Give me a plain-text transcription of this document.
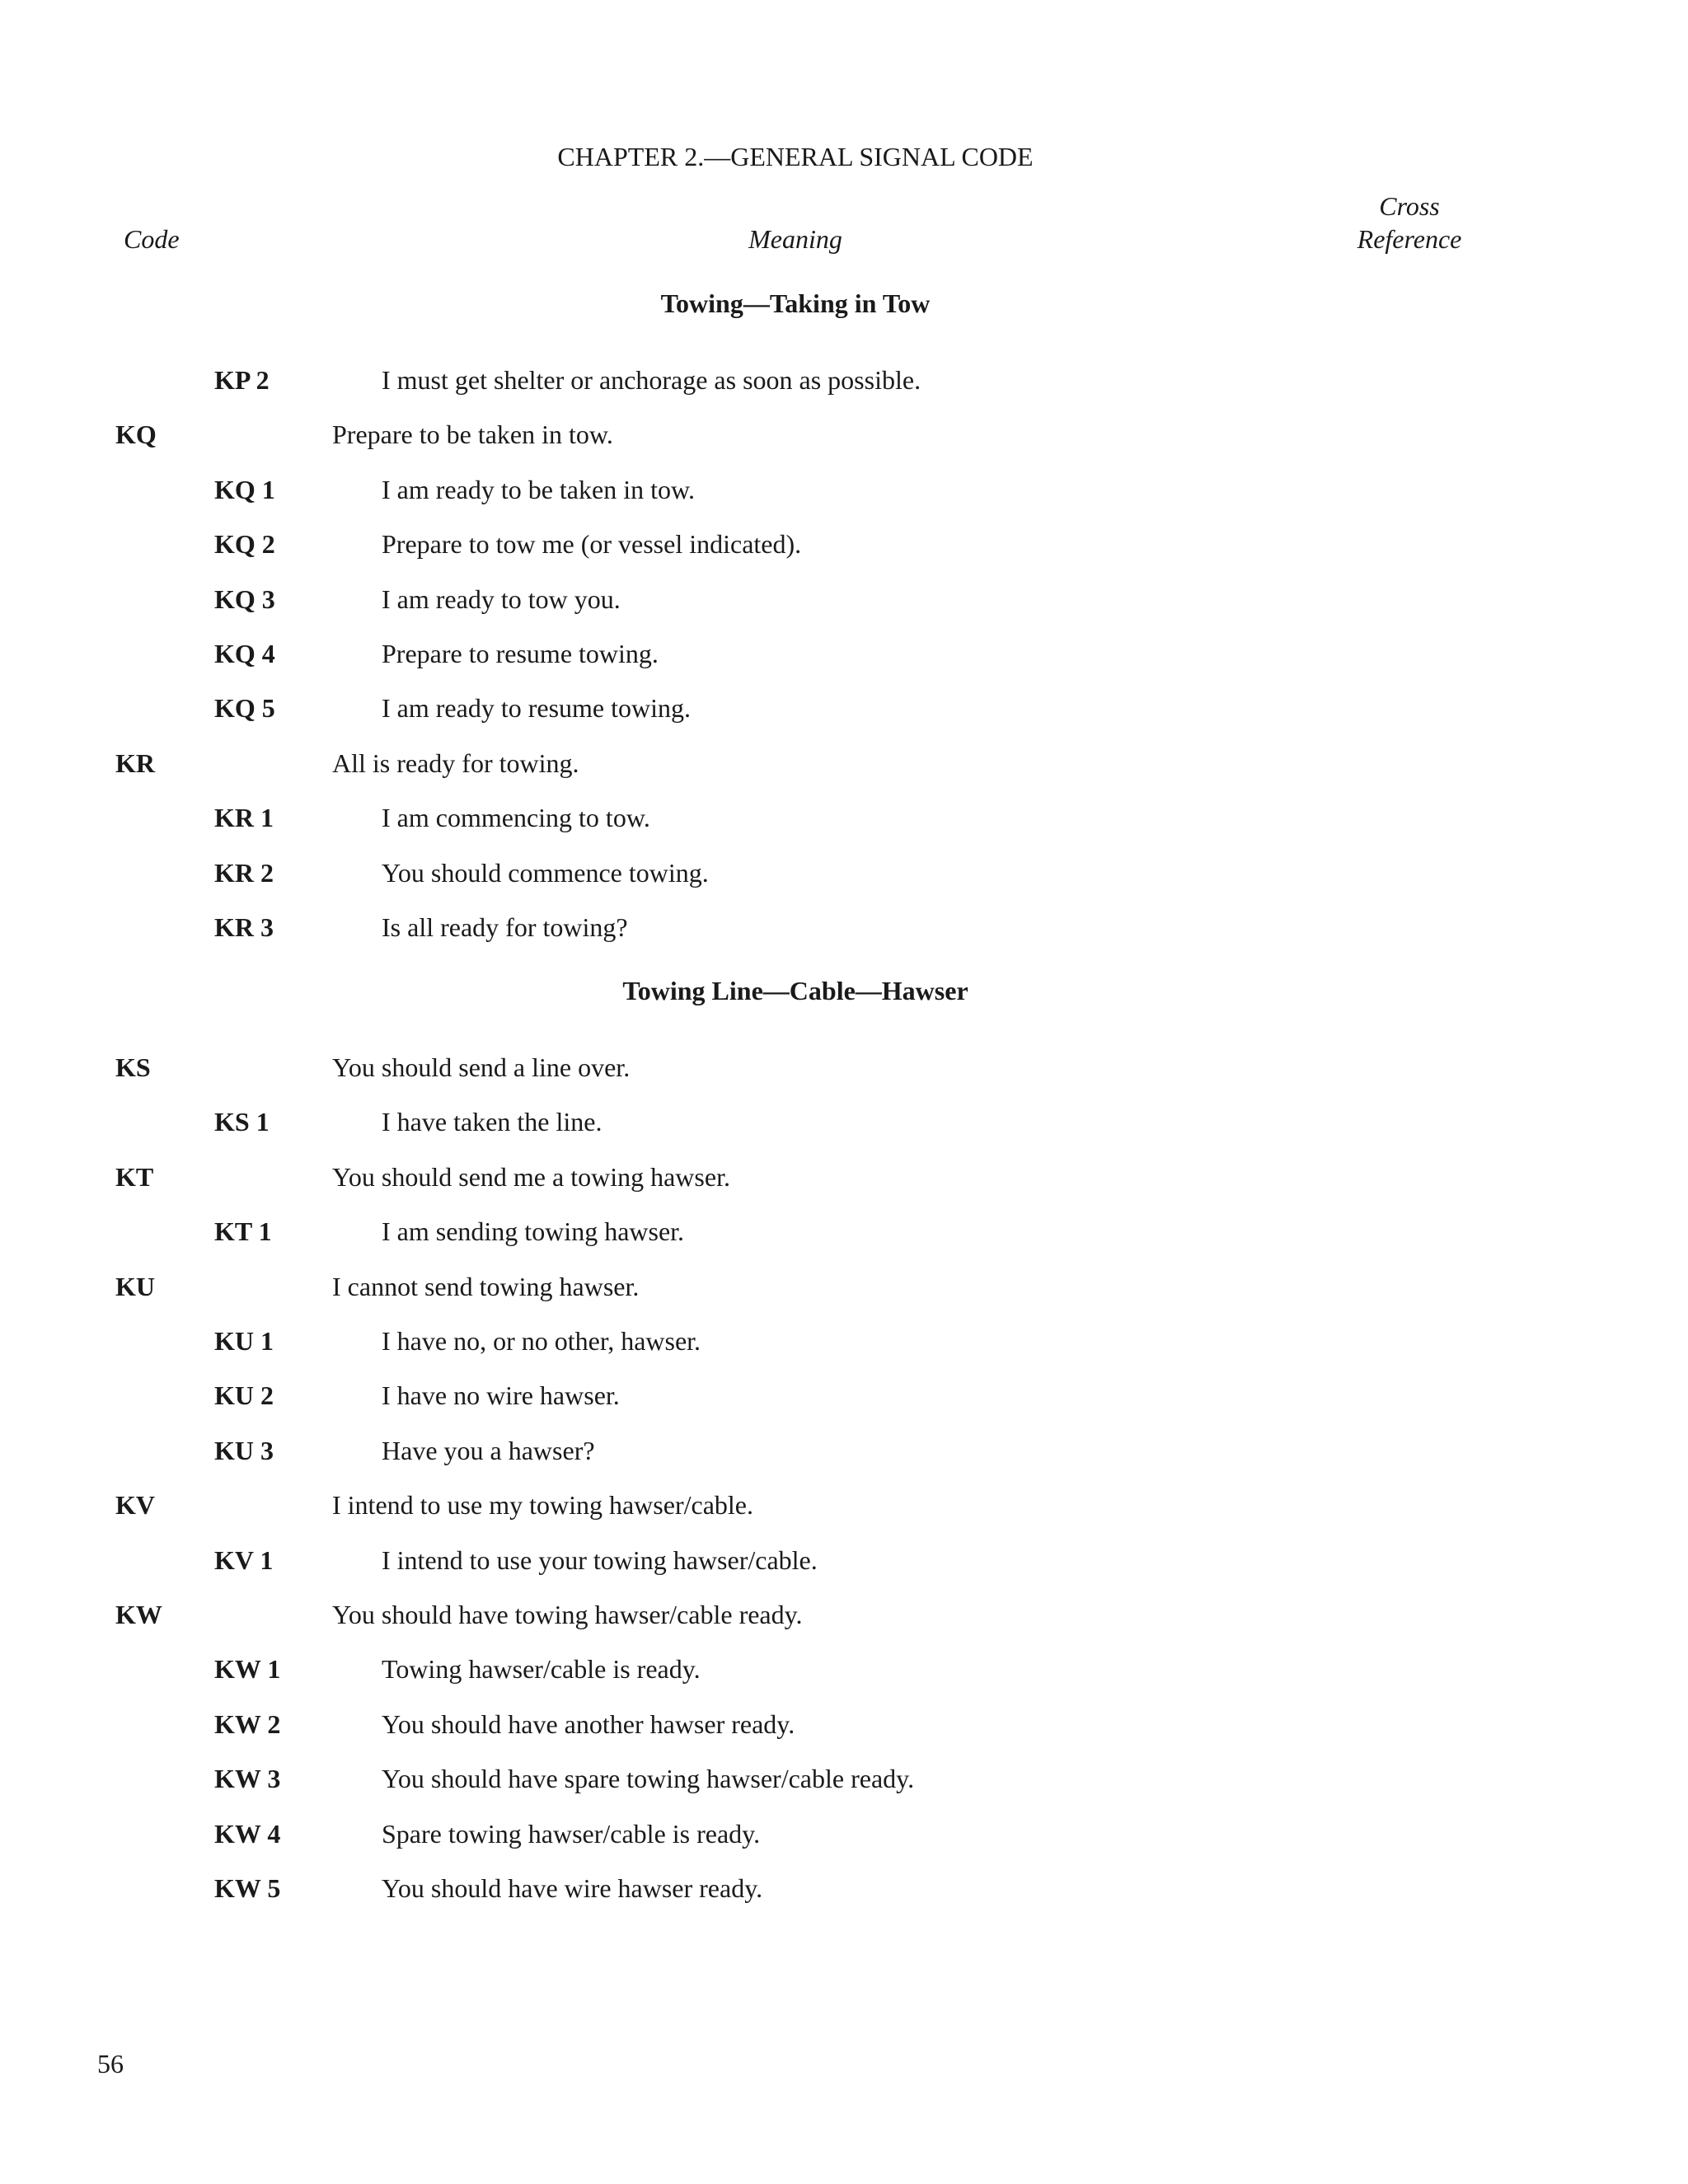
CHAPTER 2.—GENERAL SIGNAL CODE
Code	Meaning
Cross
Reference
Towing—Taking in Tow
KP 2	I must get shelter or anchorage as soon as possible.
KQ	Prepare to be taken in tow.
KQ 1	I am ready to be taken in tow.
KQ 2	Prepare to tow me (or vessel indicated).
KQ 3	I am ready to tow you.
KQ 4	Prepare to resume towing.
KQ 5	I am ready to resume towing.
KR	All is ready for towing.
KR 1	I am commencing to tow.
KR 2	You should commence towing.
KR 3	Is all ready for towing?
Towing Line—Cable—Hawser
KS	You should send a line over.
KS 1	I have taken the line.
KT	You should send me a towing hawser.
KT 1	I am sending towing hawser.
KU	I cannot send towing hawser.
KU 1	I have no, or no other, hawser.
KU 2	I have no wire hawser.
KU 3	Have you a hawser?
KV	I intend to use my towing hawser/cable.
KV 1	I intend to use your towing hawser/cable.
KW	You should have towing hawser/cable ready.
KW 1	Towing hawser/cable is ready.
KW 2	You should have another hawser ready.
KW 3	You should have spare towing hawser/cable ready.
KW 4	Spare towing hawser/cable is ready.
KW 5	You should have wire hawser ready.
56
